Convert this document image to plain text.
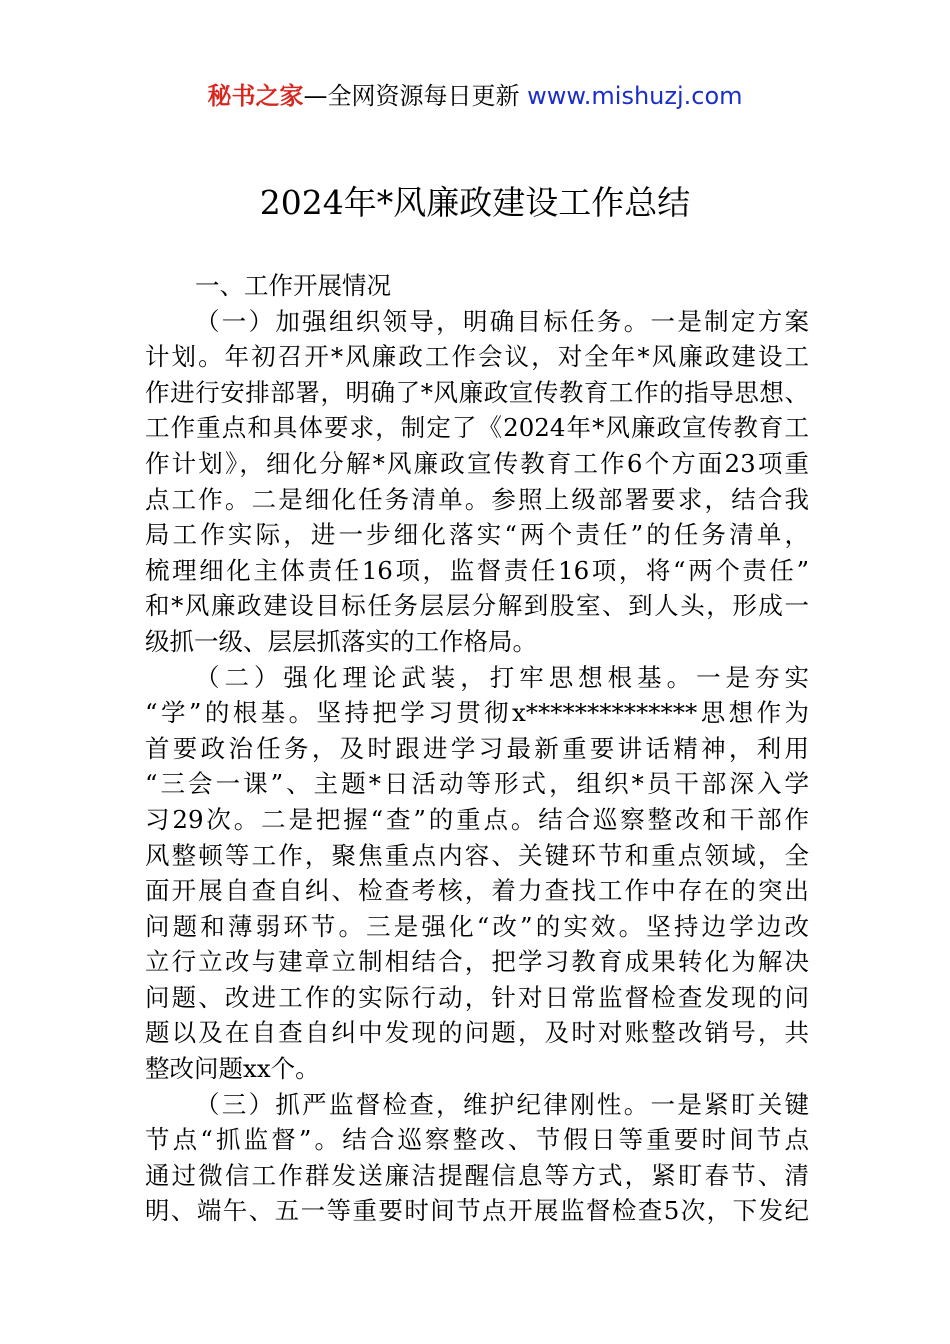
秘书之家—全网资源每日更新 www.mishuzj.com
2024年*风廉政建设工作总结
一、工作开展情况
（一）加强组织领导，明确目标任务。一是制定方案
计划。年初召开*风廉政工作会议，对全年*风廉政建设工
作进行安排部署，明确了*风廉政宣传教育工作的指导思想、
工作重点和具体要求，制定了《2024年*风廉政宣传教育工
作计划》，细化分解*风廉政宣传教育工作6个方面23项重
点工作。二是细化任务清单。参照上级部署要求，结合我
局工作实际，进一步细化落实“两个责任”的任务清单，
梳理细化主体责任16项，监督责任16项，将“两个责任”
和*风廉政建设目标任务层层分解到股室、到人头，形成一
级抓一级、层层抓落实的工作格局。
（二）强化理论武装，打牢思想根基。一是夯实
“学”的根基。坚持把学习贯彻x**************思想作为
首要政治任务，及时跟进学习最新重要讲话精神，利用
“三会一课”、主题*日活动等形式，组织*员干部深入学
习29次。二是把握“查”的重点。结合巡察整改和干部作
风整顿等工作，聚焦重点内容、关键环节和重点领域，全
面开展自查自纠、检查考核，着力查找工作中存在的突出
问题和薄弱环节。三是强化“改”的实效。坚持边学边改
立行立改与建章立制相结合，把学习教育成果转化为解决
问题、改进工作的实际行动，针对日常监督检查发现的问
题以及在自查自纠中发现的问题，及时对账整改销号，共
整改问题xx个。
（三）抓严监督检查，维护纪律刚性。一是紧盯关键
节点“抓监督”。结合巡察整改、节假日等重要时间节点
通过微信工作群发送廉洁提醒信息等方式，紧盯春节、清
明、端午、五一等重要时间节点开展监督检查5次，下发纪
